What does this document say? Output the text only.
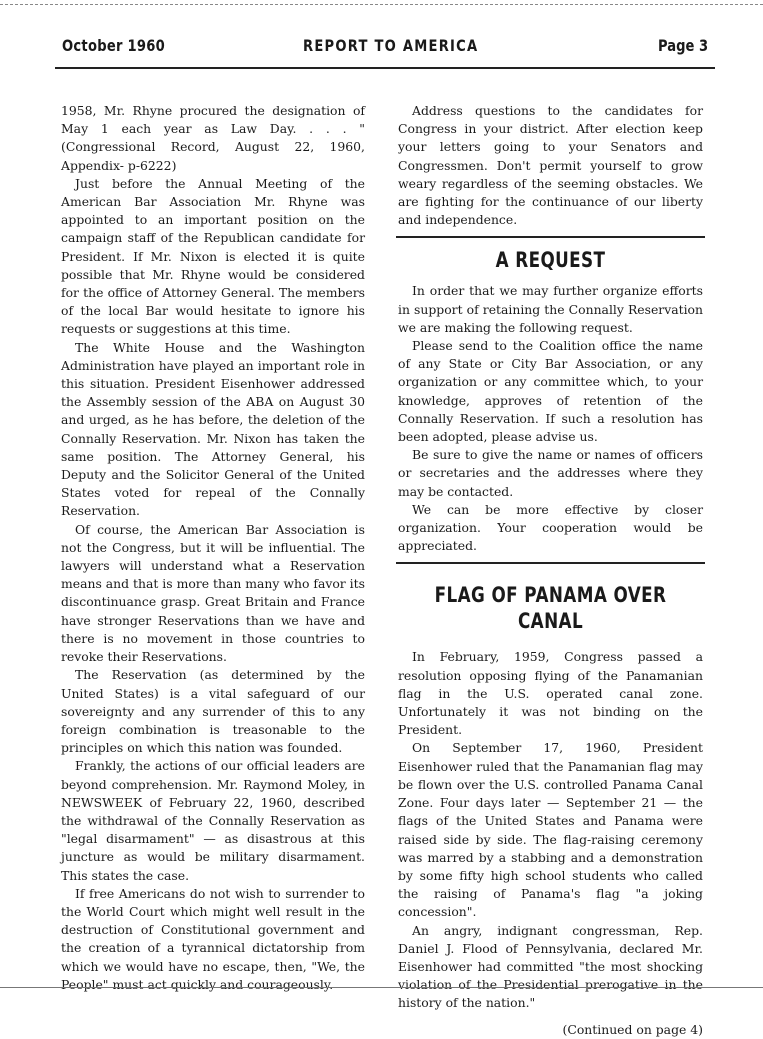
October 1960	REPORT TO AMERICA	Page 3

1958, Mr. Rhyne procured the designation of May 1 each year as Law Day. . . . " (Congressional Record, August 22, 1960, Appendix- p-6222)

Just before the Annual Meeting of the American Bar Association Mr. Rhyne was appointed to an important position on the campaign staff of the Republican candidate for President. If Mr. Nixon is elected it is quite possible that Mr. Rhyne would be considered for the office of Attorney General. The members of the local Bar would hesitate to ignore his requests or suggestions at this time.

The White House and the Washington Administration have played an important role in this situation. President Eisenhower addressed the Assembly session of the ABA on August 30 and urged, as he has before, the deletion of the Connally Reservation. Mr. Nixon has taken the same position. The Attorney General, his Deputy and the Solicitor General of the United States voted for repeal of the Connally Reservation.

Of course, the American Bar Association is not the Congress, but it will be influential. The lawyers will understand what a Reservation means and that is more than many who favor its discontinuance grasp. Great Britain and France have stronger Reservations than we have and there is no movement in those countries to revoke their Reservations.

The Reservation (as determined by the United States) is a vital safeguard of our sovereignty and any surrender of this to any foreign combination is treasonable to the principles on which this nation was founded.

Frankly, the actions of our official leaders are beyond comprehension. Mr. Raymond Moley, in NEWSWEEK of February 22, 1960, described the withdrawal of the Connally Reservation as "legal disarmament" — as disastrous at this juncture as would be military disarmament. This states the case.

If free Americans do not wish to surrender to the World Court which might well result in the destruction of Constitutional government and the creation of a tyrannical dictatorship from which we would have no escape, then, "We, the People" must act quickly and courageously.

Address questions to the candidates for Congress in your district. After election keep your letters going to your Senators and Congressmen. Don't permit yourself to grow weary regardless of the seeming obstacles. We are fighting for the continuance of our liberty and independence.

A REQUEST

In order that we may further organize efforts in support of retaining the Connally Reservation we are making the following request.

Please send to the Coalition office the name of any State or City Bar Association, or any organization or any committee which, to your knowledge, approves of retention of the Connally Reservation. If such a resolution has been adopted, please advise us.

Be sure to give the name or names of officers or secretaries and the addresses where they may be contacted.

We can be more effective by closer organization. Your cooperation would be appreciated.

FLAG OF PANAMA OVER CANAL

In February, 1959, Congress passed a resolution opposing flying of the Panamanian flag in the U.S. operated canal zone. Unfortunately it was not binding on the President.

On September 17, 1960, President Eisenhower ruled that the Panamanian flag may be flown over the U.S. controlled Panama Canal Zone. Four days later — September 21 — the flags of the United States and Panama were raised side by side. The flag-raising ceremony was marred by a stabbing and a demonstration by some fifty high school students who called the raising of Panama's flag "a joking concession".

An angry, indignant congressman, Rep. Daniel J. Flood of Pennsylvania, declared Mr. Eisenhower had committed "the most shocking violation of the Presidential prerogative in the history of the nation."

(Continued on page 4)
